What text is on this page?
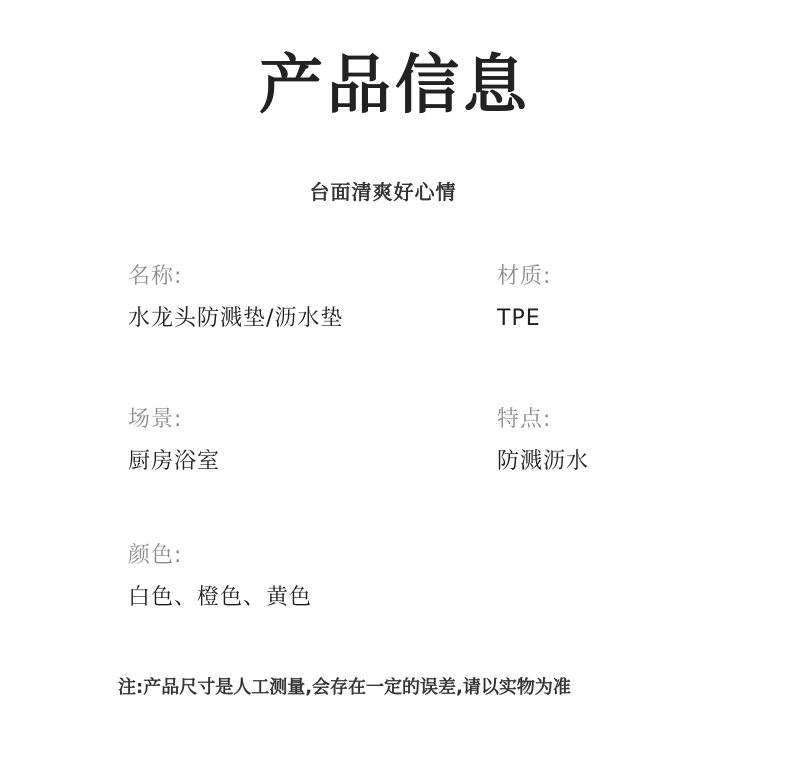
产品信息
台面清爽好心情
名称:
水龙头防溅垫/沥水垫
材质:
TPE
场景:
厨房浴室
特点:
防溅沥水
颜色:
白色、橙色、黄色
注:产品尺寸是人工测量,会存在一定的误差,请以实物为准
